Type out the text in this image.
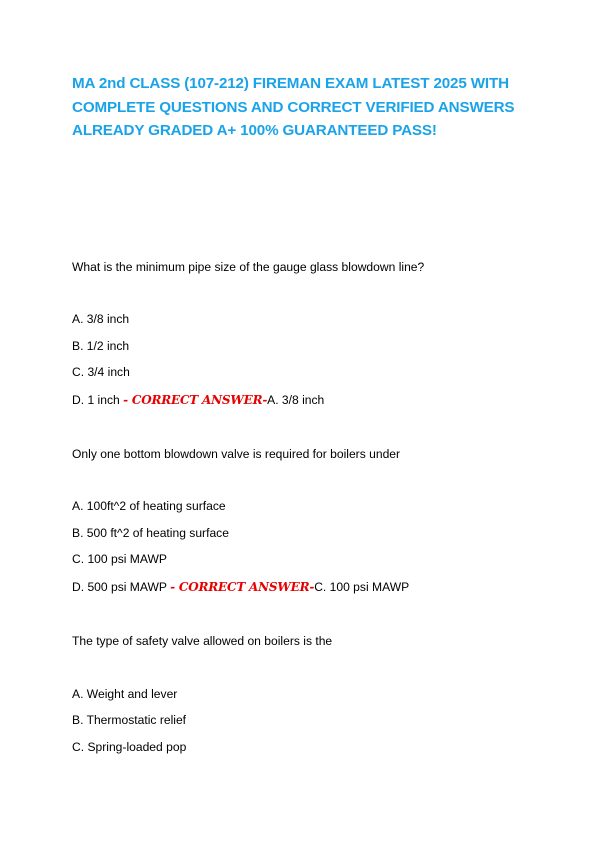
MA 2nd CLASS (107-212) FIREMAN EXAM LATEST 2025 WITH COMPLETE QUESTIONS AND CORRECT VERIFIED ANSWERS ALREADY GRADED A+ 100% GUARANTEED PASS!

What is the minimum pipe size of the gauge glass blowdown line?

A. 3/8 inch

B. 1/2 inch

C. 3/4 inch

D. 1 inch - CORRECT ANSWER-A. 3/8 inch

Only one bottom blowdown valve is required for boilers under

A. 100ft^2 of heating surface

B. 500 ft^2 of heating surface

C. 100 psi MAWP

D. 500 psi MAWP - CORRECT ANSWER-C. 100 psi MAWP

The type of safety valve allowed on boilers is the

A. Weight and lever

B. Thermostatic relief

C. Spring-loaded pop
